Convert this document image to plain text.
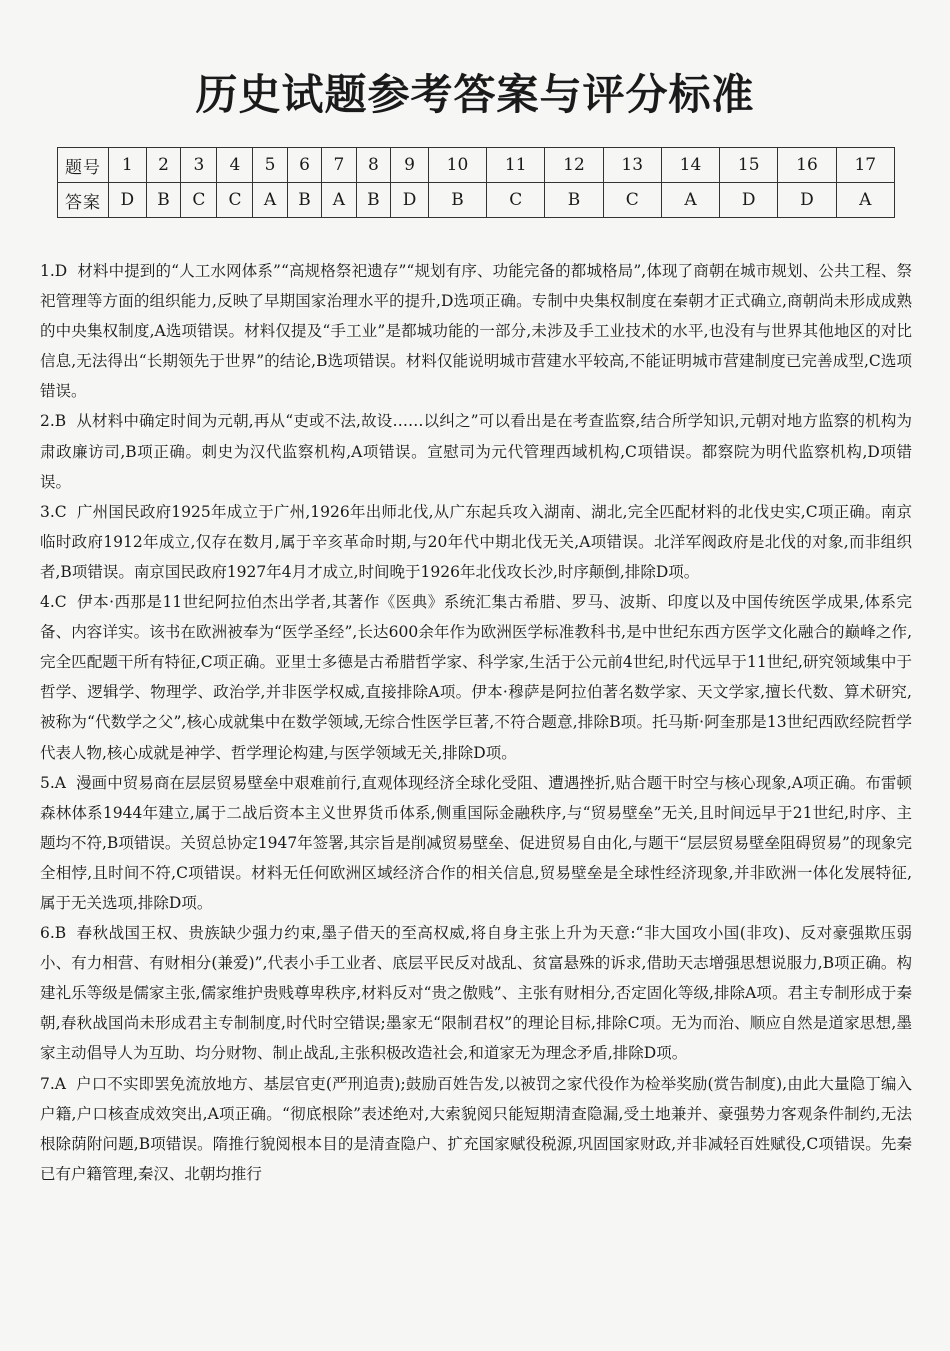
历史试题参考答案与评分标准
题号	1	2	3	4	5	6	7	8	9	10	11	12	13	14	15	16	17
答案	D	B	C	C	A	B	A	B	D	B	C	B	C	A	D	D	A

1.D 材料中提到的“人工水网体系”“高规格祭祀遗存”“规划有序、功能完备的都城格局”,体现了商朝在城市规划、公共工程、祭祀管理等方面的组织能力,反映了早期国家治理水平的提升,D选项正确。专制中央集权制度在秦朝才正式确立,商朝尚未形成成熟的中央集权制度,A选项错误。材料仅提及“手工业”是都城功能的一部分,未涉及手工业技术的水平,也没有与世界其他地区的对比信息,无法得出“长期领先于世界”的结论,B选项错误。材料仅能说明城市营建水平较高,不能证明城市营建制度已完善成型,C选项错误。

2.B 从材料中确定时间为元朝,再从“吏或不法,故设……以纠之”可以看出是在考查监察,结合所学知识,元朝对地方监察的机构为肃政廉访司,B项正确。刺史为汉代监察机构,A项错误。宣慰司为元代管理西域机构,C项错误。都察院为明代监察机构,D项错误。

3.C 广州国民政府1925年成立于广州,1926年出师北伐,从广东起兵攻入湖南、湖北,完全匹配材料的北伐史实,C项正确。南京临时政府1912年成立,仅存在数月,属于辛亥革命时期,与20年代中期北伐无关,A项错误。北洋军阀政府是北伐的对象,而非组织者,B项错误。南京国民政府1927年4月才成立,时间晚于1926年北伐攻长沙,时序颠倒,排除D项。

4.C 伊本·西那是11世纪阿拉伯杰出学者,其著作《医典》系统汇集古希腊、罗马、波斯、印度以及中国传统医学成果,体系完备、内容详实。该书在欧洲被奉为“医学圣经”,长达600余年作为欧洲医学标准教科书,是中世纪东西方医学文化融合的巅峰之作,完全匹配题干所有特征,C项正确。亚里士多德是古希腊哲学家、科学家,生活于公元前4世纪,时代远早于11世纪,研究领域集中于哲学、逻辑学、物理学、政治学,并非医学权威,直接排除A项。伊本·穆萨是阿拉伯著名数学家、天文学家,擅长代数、算术研究,被称为“代数学之父”,核心成就集中在数学领域,无综合性医学巨著,不符合题意,排除B项。托马斯·阿奎那是13世纪西欧经院哲学代表人物,核心成就是神学、哲学理论构建,与医学领域无关,排除D项。

5.A 漫画中贸易商在层层贸易壁垒中艰难前行,直观体现经济全球化受阻、遭遇挫折,贴合题干时空与核心现象,A项正确。布雷顿森林体系1944年建立,属于二战后资本主义世界货币体系,侧重国际金融秩序,与“贸易壁垒”无关,且时间远早于21世纪,时序、主题均不符,B项错误。关贸总协定1947年签署,其宗旨是削减贸易壁垒、促进贸易自由化,与题干“层层贸易壁垒阻碍贸易”的现象完全相悖,且时间不符,C项错误。材料无任何欧洲区域经济合作的相关信息,贸易壁垒是全球性经济现象,并非欧洲一体化发展特征,属于无关选项,排除D项。

6.B 春秋战国王权、贵族缺少强力约束,墨子借天的至高权威,将自身主张上升为天意:“非大国攻小国(非攻)、反对豪强欺压弱小、有力相营、有财相分(兼爱)”,代表小手工业者、底层平民反对战乱、贫富悬殊的诉求,借助天志增强思想说服力,B项正确。构建礼乐等级是儒家主张,儒家维护贵贱尊卑秩序,材料反对“贵之傲贱”、主张有财相分,否定固化等级,排除A项。君主专制形成于秦朝,春秋战国尚未形成君主专制制度,时代时空错误;墨家无“限制君权”的理论目标,排除C项。无为而治、顺应自然是道家思想,墨家主动倡导人为互助、均分财物、制止战乱,主张积极改造社会,和道家无为理念矛盾,排除D项。

7.A 户口不实即罢免流放地方、基层官吏(严刑追责);鼓励百姓告发,以被罚之家代役作为检举奖励(赏告制度),由此大量隐丁编入户籍,户口核查成效突出,A项正确。“彻底根除”表述绝对,大索貌阅只能短期清查隐漏,受土地兼并、豪强势力客观条件制约,无法根除荫附问题,B项错误。隋推行貌阅根本目的是清查隐户、扩充国家赋役税源,巩固国家财政,并非减轻百姓赋役,C项错误。先秦已有户籍管理,秦汉、北朝均推行
